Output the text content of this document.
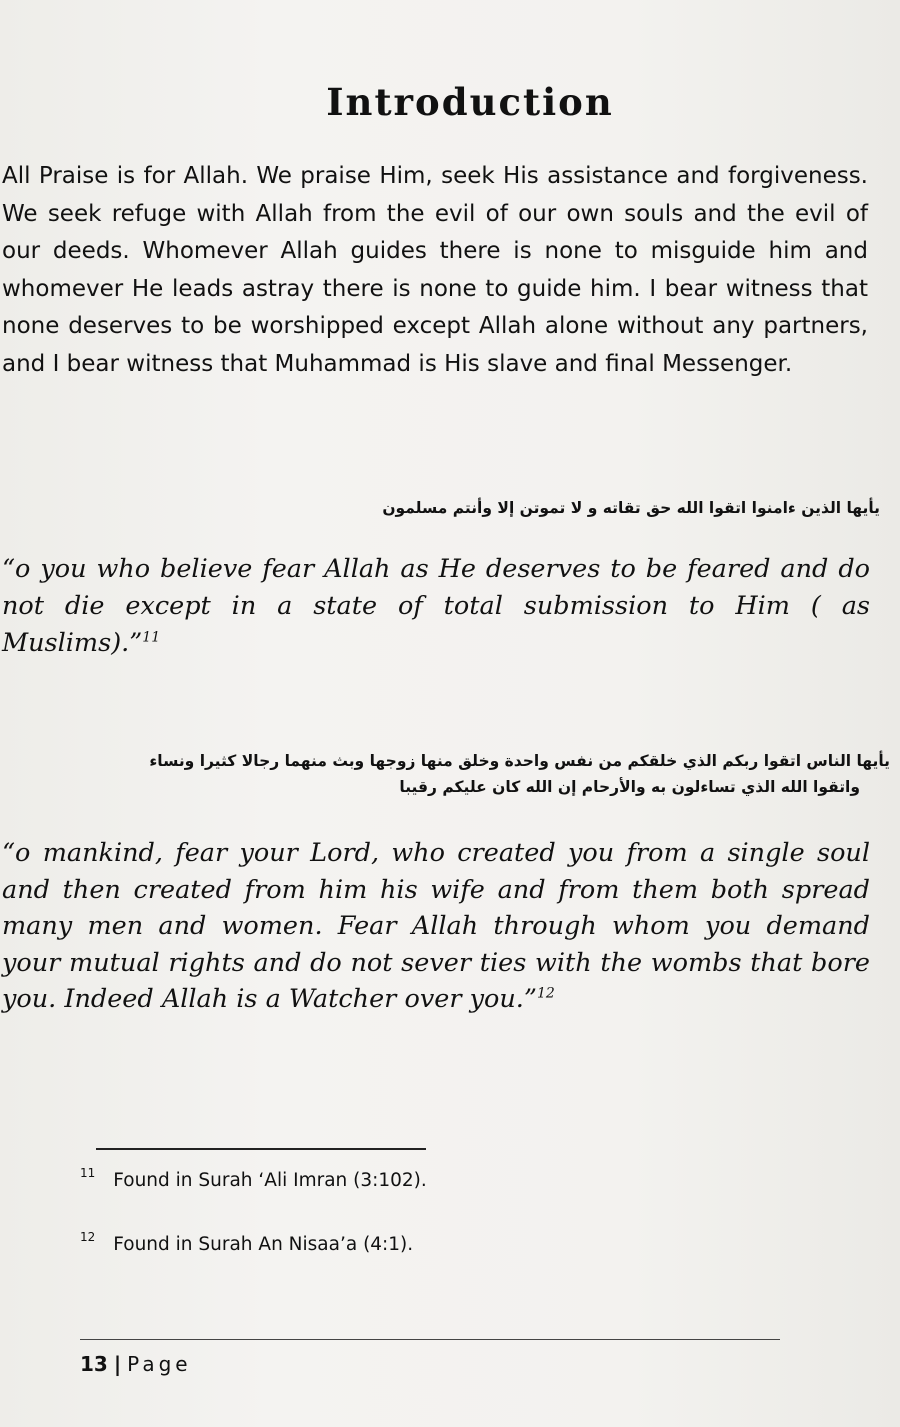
Introduction

All Praise is for Allah. We praise Him, seek His assistance and forgiveness. We seek refuge with Allah from the evil of our own souls and the evil of our deeds. Whomever Allah guides there is none to misguide him and whomever He leads astray there is none to guide him. I bear witness that none deserves to be worshipped except Allah alone without any partners, and I bear witness that Muhammad is His slave and final Messenger.

يأيها الذين ءامنوا اتقوا الله حق تقاته و لا تموتن إلا وأنتم مسلمون

“o you who believe fear Allah as He deserves to be feared and do not die except in a state of total submission to Him ( as Muslims).”$^{11}$

يأيها الناس اتقوا ربكم الذي خلقكم من نفس واحدة وخلق منها زوجها وبث منهما رجالا كثيرا ونساء
واتقوا الله الذي تساءلون به والأرحام إن الله كان عليكم رقيبا

“o mankind, fear your Lord, who created you from a single soul and then created from him his wife and from them both spread many men and women. Fear Allah through whom you demand your mutual rights and do not sever ties with the wombs that bore you. Indeed Allah is a Watcher over you.”$^{12}$

$^{11}$ Found in Surah ‘Ali Imran (3:102).

$^{12}$ Found in Surah An Nisaa’a (4:1).

13 | Page
